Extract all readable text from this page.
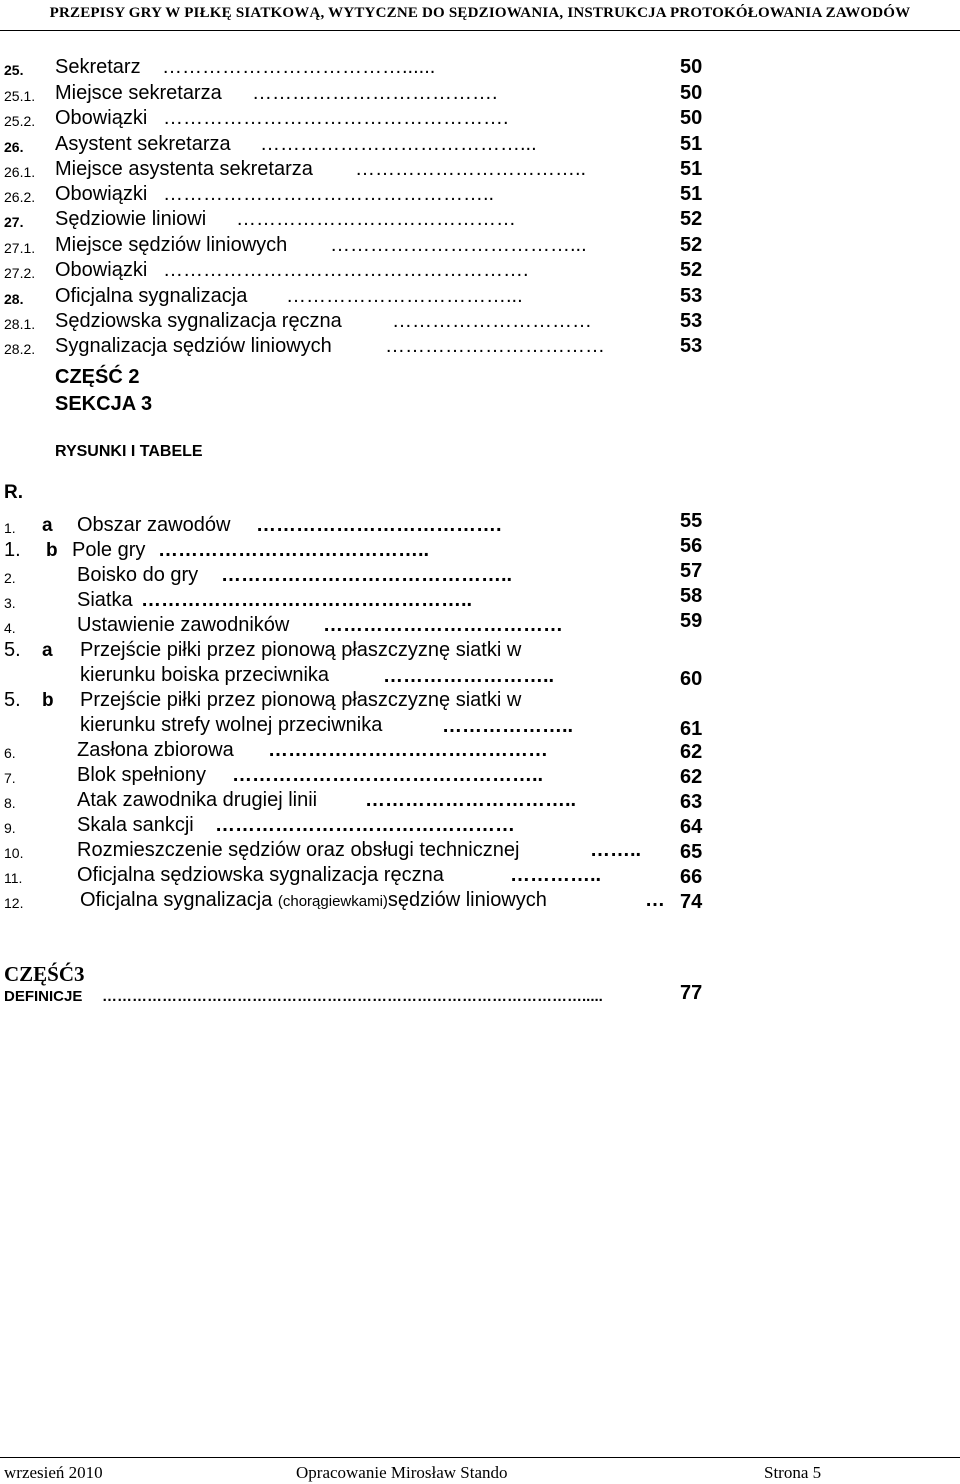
PRZEPISY GRY W PIŁKĘ SIATKOWĄ, WYTYCZNE DO SĘDZIOWANIA, INSTRUKCJA PROTOKÓŁOWANIA ZAWODÓW
25. Sekretarz ………………………………......	50
25.1. Miejsce sekretarza ……………………………….	50
25.2. Obowiązki …………………………………………….	50
26. Asystent sekretarza …………………………………...	51
26.1. Miejsce asystenta sekretarza ……………………………..	51
26.2. Obowiązki …………………………………………..	51
27. Sędziowie liniowi ……………………………………	52
27.1. Miejsce sędziów liniowych ………………………………...	52
27.2. Obowiązki ……………………………………………….	52
28. Oficjalna sygnalizacja ……………………………...	53
28.1. Sędziowska sygnalizacja ręczna	…………………………	53
28.2. Sygnalizacja sędziów liniowych	……………………………	53
CZĘŚĆ 2
SEKCJA 3
RYSUNKI I TABELE
R.
1. a Obszar zawodów ……………………………….	55
1. b Pole gry …………………………………..	56
2.	Boisko do gry ……………………………………..	57
3.	Siatka …………………………………………..	58
4.	Ustawienie zawodników ………………………………	59
5. a Przejście piłki przez pionową płaszczyznę siatki w
kierunku boiska przeciwnika	……………………..	60
5. b Przejście piłki przez pionową płaszczyznę siatki w
kierunku strefy wolnej przeciwnika	………………..	61
6.	Zasłona zbiorowa ……………………………………	62
7.	Blok spełniony ………………………………………..	62
8.	Atak zawodnika drugiej linii …………………………..	63
9.	Skala sankcji ………………………………………	64
10.	Rozmieszczenie sędziów oraz obsługi technicznej	…….. 65
11.	Oficjalna sędziowska sygnalizacja ręczna	…………..	66
12.	Oficjalna sygnalizacja (chorągiewkami)sędziów liniowych	… 74
CZĘŚĆ3
DEFINICJE …………………………………………………………………………………….....	77
wrzesień 2010	Opracowanie Mirosław Stando	Strona 5
